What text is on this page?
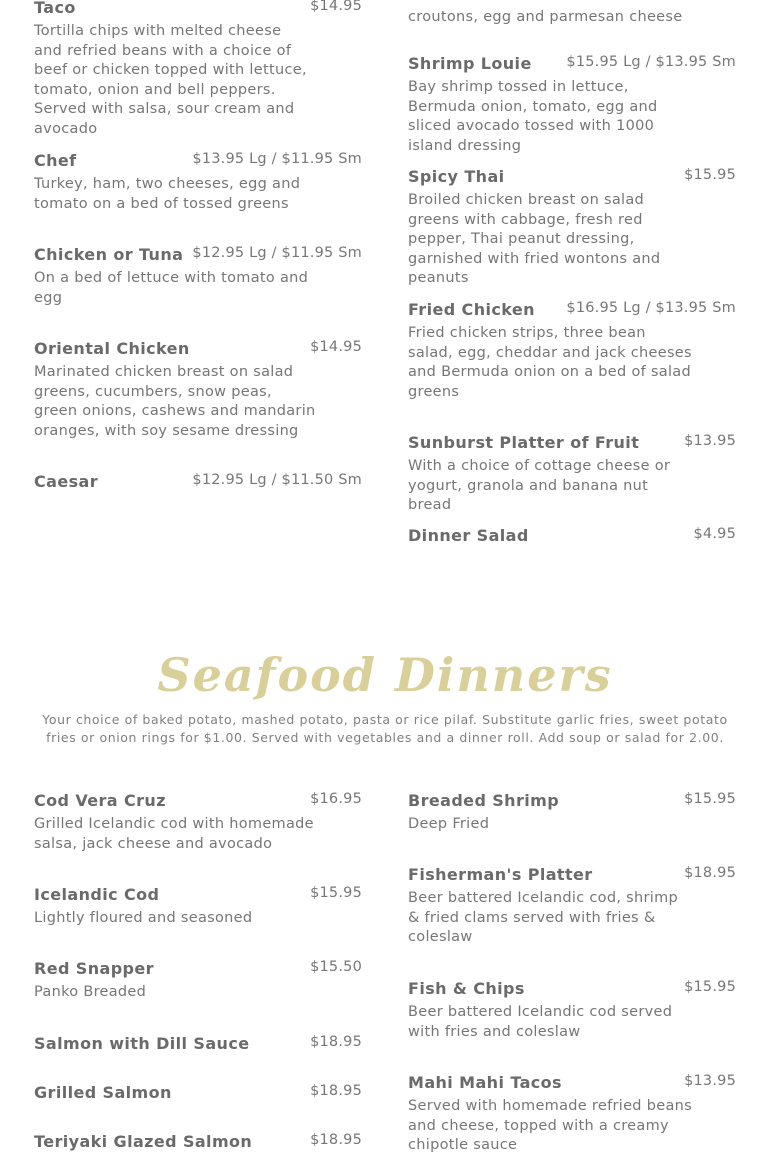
Taco	$14.95
Tortilla chips with melted cheese and refried beans with a choice of beef or chicken topped with lettuce, tomato, onion and bell peppers. Served with salsa, sour cream and avocado
Chef	$13.95 Lg / $11.95 Sm
Turkey, ham, two cheeses, egg and tomato on a bed of tossed greens
Chicken or Tuna $12.95 Lg / $11.95 Sm
On a bed of lettuce with tomato and egg
Oriental Chicken	$14.95
Marinated chicken breast on salad greens, cucumbers, snow peas, green onions, cashews and mandarin oranges, with soy sesame dressing
Caesar	$12.95 Lg / $11.50 Sm
croutons, egg and parmesan cheese
Shrimp Louie $15.95 Lg / $13.95 Sm
Bay shrimp tossed in lettuce, Bermuda onion, tomato, egg and sliced avocado tossed with 1000 island dressing
Spicy Thai	$15.95
Broiled chicken breast on salad greens with cabbage, fresh red pepper, Thai peanut dressing, garnished with fried wontons and peanuts
Fried Chicken $16.95 Lg / $13.95 Sm
Fried chicken strips, three bean salad, egg, cheddar and jack cheeses and Bermuda onion on a bed of salad greens
Sunburst Platter of Fruit	$13.95
With a choice of cottage cheese or yogurt, granola and banana nut bread
Dinner Salad	$4.95
Seafood Dinners
Your choice of baked potato, mashed potato, pasta or rice pilaf. Substitute garlic fries, sweet potato fries or onion rings for $1.00. Served with vegetables and a dinner roll. Add soup or salad for 2.00.
Cod Vera Cruz	$16.95
Grilled Icelandic cod with homemade salsa, jack cheese and avocado
Icelandic Cod	$15.95
Lightly floured and seasoned
Red Snapper	$15.50
Panko Breaded
Salmon with Dill Sauce	$18.95
Grilled Salmon	$18.95
Teriyaki Glazed Salmon	$18.95
Breaded Shrimp	$15.95
Deep Fried
Fisherman's Platter	$18.95
Beer battered Icelandic cod, shrimp & fried clams served with fries & coleslaw
Fish & Chips	$15.95
Beer battered Icelandic cod served with fries and coleslaw
Mahi Mahi Tacos	$13.95
Served with homemade refried beans and cheese, topped with a creamy chipotle sauce
